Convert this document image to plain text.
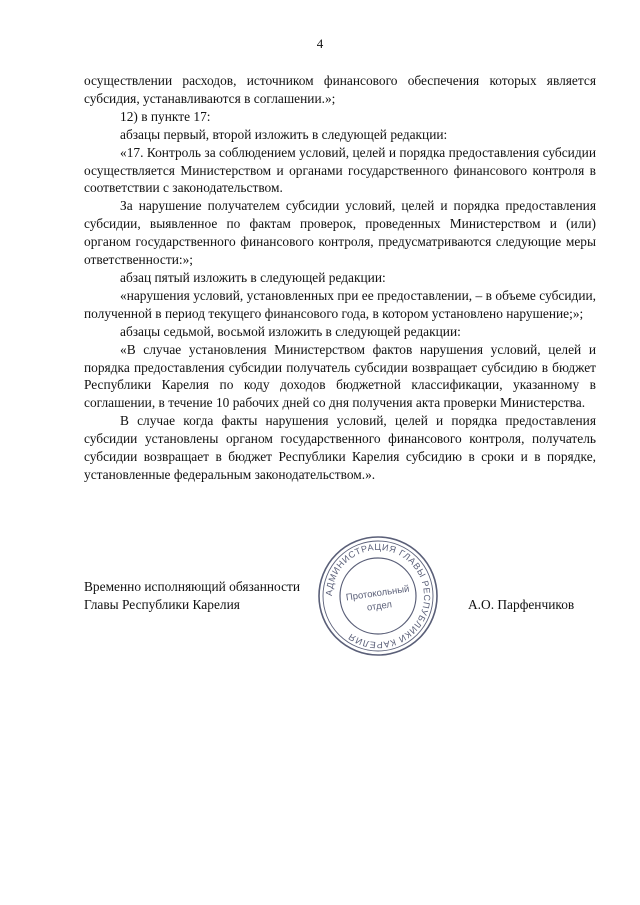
4

осуществлении расходов, источником финансового обеспечения которых является субсидия, устанавливаются в соглашении.»;

12) в пункте 17:

абзацы первый, второй изложить в следующей редакции:

«17. Контроль за соблюдением условий, целей и порядка предоставления субсидии осуществляется Министерством и органами государственного финансового контроля в соответствии с законодательством.

За нарушение получателем субсидии условий, целей и порядка предоставления субсидии, выявленное по фактам проверок, проведенных Министерством и (или) органом государственного финансового контроля, предусматриваются следующие меры ответственности:»;

абзац пятый изложить в следующей редакции:

«нарушения условий, установленных при ее предоставлении, – в объеме субсидии, полученной в период текущего финансового года, в котором установлено нарушение;»;

абзацы седьмой, восьмой изложить в следующей редакции:

«В случае установления Министерством фактов нарушения условий, целей и порядка предоставления субсидии получатель субсидии возвращает субсидию в бюджет Республики Карелия по коду доходов бюджетной классификации, указанному в соглашении, в течение 10 рабочих дней со дня получения акта проверки Министерства.

В случае когда факты нарушения условий, целей и порядка предоставления субсидии установлены органом государственного финансового контроля, получатель субсидии возвращает в бюджет Республики Карелия субсидию в сроки и в порядке, установленные федеральным законодательством.».

Временно исполняющий обязанности
Главы Республики Карелия
АДМИНИСТРАЦИЯ ГЛАВЫ РЕСПУБЛИКИ КАРЕЛИЯ
Протокольный
отдел	А.О. Парфенчиков
